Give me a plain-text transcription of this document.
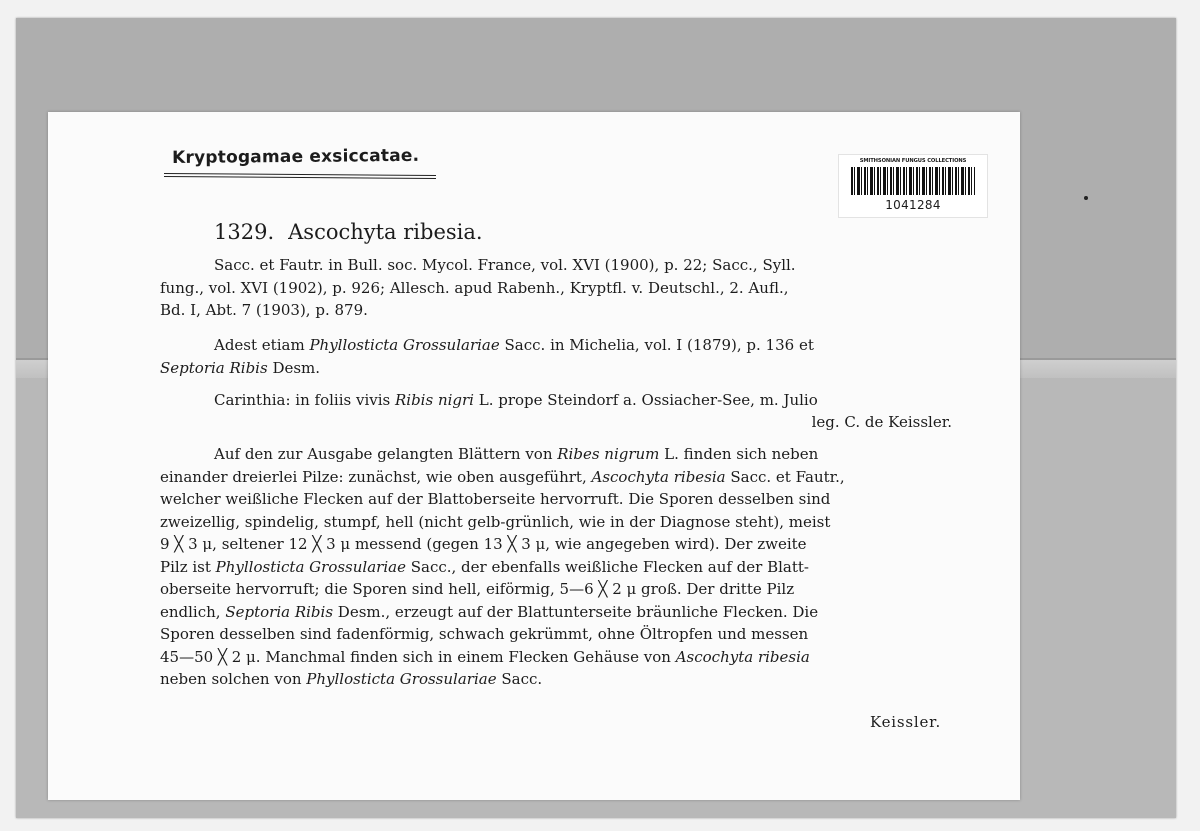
Kryptogamae exsiccatae.	SMITHSONIAN FUNGUS COLLECTIONS
1041284
1329. Ascochyta ribesia.
Sacc. et Fautr. in Bull. soc. Mycol. France, vol. XVI (1900), p. 22; Sacc., Syll.
fung., vol. XVI (1902), p. 926; Allesch. apud Rabenh., Kryptfl. v. Deutschl., 2. Aufl.,
Bd. I, Abt. 7 (1903), p. 879.
Adest etiam Phyllosticta Grossulariae Sacc. in Michelia, vol. I (1879), p. 136 et
Septoria Ribis Desm.
Carinthia: in foliis vivis Ribis nigri L. prope Steindorf a. Ossiacher-See, m. Julio
leg. C. de Keissler.
Auf den zur Ausgabe gelangten Blättern von Ribes nigrum L. finden sich neben
einander dreierlei Pilze: zunächst, wie oben ausgeführt, Ascochyta ribesia Sacc. et Fautr.,
welcher weißliche Flecken auf der Blattoberseite hervorruft. Die Sporen desselben sind
zweizellig, spindelig, stumpf, hell (nicht gelb-grünlich, wie in der Diagnose steht), meist
9 ╳ 3 μ, seltener 12 ╳ 3 μ messend (gegen 13 ╳ 3 μ, wie angegeben wird). Der zweite
Pilz ist Phyllosticta Grossulariae Sacc., der ebenfalls weißliche Flecken auf der Blatt-
oberseite hervorruft; die Sporen sind hell, eiförmig, 5—6 ╳ 2 μ groß. Der dritte Pilz
endlich, Septoria Ribis Desm., erzeugt auf der Blattunterseite bräunliche Flecken. Die
Sporen desselben sind fadenförmig, schwach gekrümmt, ohne Öltropfen und messen
45—50 ╳ 2 μ. Manchmal finden sich in einem Flecken Gehäuse von Ascochyta ribesia
neben solchen von Phyllosticta Grossulariae Sacc.
Keissler.
